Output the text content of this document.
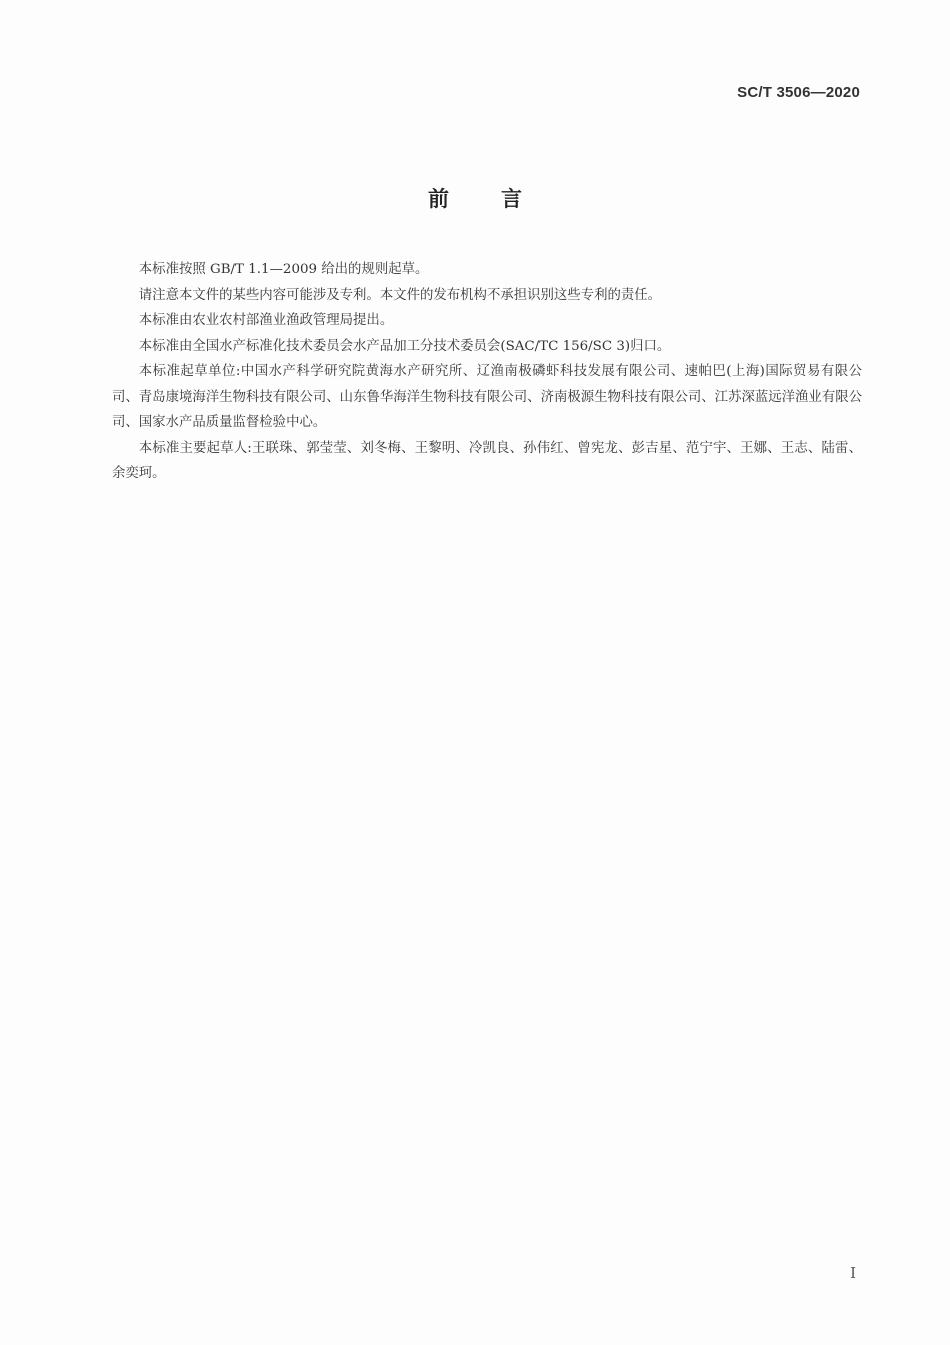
SC/T 3506—2020
前言

本标准按照 GB/T 1.1—2009 给出的规则起草。

请注意本文件的某些内容可能涉及专利。本文件的发布机构不承担识别这些专利的责任。

本标准由农业农村部渔业渔政管理局提出。

本标准由全国水产标准化技术委员会水产品加工分技术委员会(SAC/TC 156/SC 3)归口。

本标准起草单位:中国水产科学研究院黄海水产研究所、辽渔南极磷虾科技发展有限公司、速帕巴(上海)国际贸易有限公司、青岛康境海洋生物科技有限公司、山东鲁华海洋生物科技有限公司、济南极源生物科技有限公司、江苏深蓝远洋渔业有限公司、国家水产品质量监督检验中心。

本标准主要起草人:王联珠、郭莹莹、刘冬梅、王黎明、冷凯良、孙伟红、曾宪龙、彭吉星、范宁宇、王娜、王志、陆雷、余奕珂。

I
